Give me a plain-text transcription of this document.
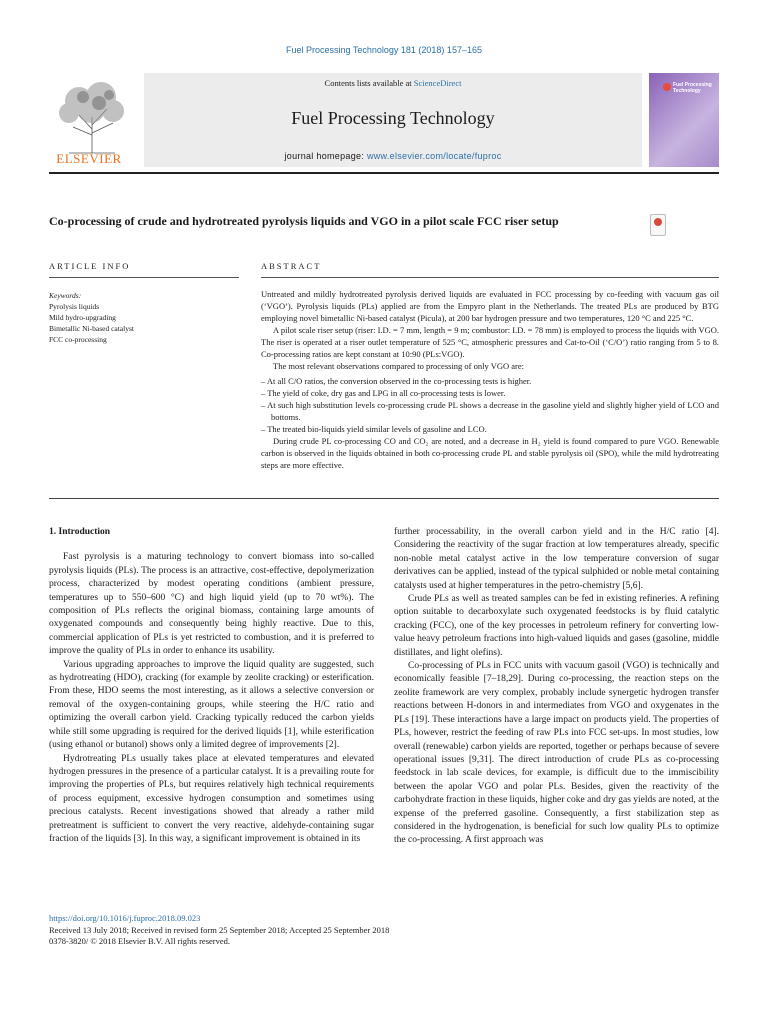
Fuel Processing Technology 181 (2018) 157–165
ELSEVIER
Contents lists available at ScienceDirect
Fuel Processing Technology
journal homepage: www.elsevier.com/locate/fuproc
Fuel Processing Technology
Co-processing of crude and hydrotreated pyrolysis liquids and VGO in a pilot scale FCC riser setup
ARTICLE INFO
Keywords:
Pyrolysis liquids
Mild hydro-upgrading
Bimetallic Ni-based catalyst
FCC co-processing
ABSTRACT

Untreated and mildly hydrotreated pyrolysis derived liquids are evaluated in FCC processing by co-feeding with vacuum gas oil (‘VGO’). Pyrolysis liquids (PLs) applied are from the Empyro plant in the Netherlands. The treated PLs are produced by BTG employing novel bimetallic Ni-based catalyst (Picula), at 200 bar hydrogen pressure and two temperatures, 120 °C and 225 °C.

A pilot scale riser setup (riser: I.D. = 7 mm, length = 9 m; combustor: I.D. = 78 mm) is employed to process the liquids with VGO. The riser is operated at a riser outlet temperature of 525 °C, atmospheric pressures and Cat-to-Oil (‘C/O’) ratio ranging from 5 to 8. Co-processing ratios are kept constant at 10:90 (PLs:VGO).

The most relevant observations compared to processing of only VGO are:

– At all C/O ratios, the conversion observed in the co-processing tests is higher.
– The yield of coke, dry gas and LPG in all co-processing tests is lower.
– At such high substitution levels co-processing crude PL shows a decrease in the gasoline yield and slightly higher yield of LCO and bottoms.
– The treated bio-liquids yield similar levels of gasoline and LCO.

During crude PL co-processing CO and CO₂ are noted, and a decrease in H₂ yield is found compared to pure VGO. Renewable carbon is observed in the liquids obtained in both co-processing crude PL and stable pyrolysis oil (SPO), while the mild hydrotreating steps are more effective.

1. Introduction

Fast pyrolysis is a maturing technology to convert biomass into so-called pyrolysis liquids (PLs). The process is an attractive, cost-effective, depolymerization process, characterized by modest operating conditions (ambient pressure, temperatures up to 550–600 °C) and high liquid yield (up to 70 wt%). The composition of PLs reflects the original biomass, containing large amounts of oxygenated compounds and consequently being highly reactive. Due to this, commercial application of PLs is yet restricted to combustion, and it is preferred to improve the quality of PLs in order to enhance its usability.

Various upgrading approaches to improve the liquid quality are suggested, such as hydrotreating (HDO), cracking (for example by zeolite cracking) or esterification. From these, HDO seems the most interesting, as it allows a selective conversion or removal of the oxygen-containing groups, while steering the H/C ratio and optimizing the overall carbon yield. Cracking typically reduced the carbon yields while still some upgrading is required for the derived liquids [1], while esterification (using ethanol or butanol) shows only a limited degree of improvements [2].

Hydrotreating PLs usually takes place at elevated temperatures and elevated hydrogen pressures in the presence of a particular catalyst. It is a prevailing route for improving the properties of PLs, but requires relatively high technical requirements of process equipment, excessive hydrogen consumption and sometimes using precious catalysts. Recent investigations showed that already a rather mild pretreatment is sufficient to convert the very reactive, aldehyde-containing sugar fraction of the liquids [3]. In this way, a significant improvement is obtained in its

further processability, in the overall carbon yield and in the H/C ratio [4]. Considering the reactivity of the sugar fraction at low temperatures already, specific non-noble metal catalyst active in the low temperature conversion of sugar derivatives can be applied, instead of the typical sulphided or noble metal containing catalysts used at higher temperatures in the petro-chemistry [5,6].

Crude PLs as well as treated samples can be fed in existing refineries. A refining option suitable to decarboxylate such oxygenated feedstocks is by fluid catalytic cracking (FCC), one of the key processes in petroleum refinery for converting low-value heavy petroleum fractions into high-valued liquids and gases (gasoline, middle distillates, and light olefins).

Co-processing of PLs in FCC units with vacuum gasoil (VGO) is technically and economically feasible [7–18,29]. During co-processing, the reaction steps on the zeolite framework are very complex, probably include synergetic hydrogen transfer reactions between H-donors in and intermediates from VGO and oxygenates in the PLs [19]. These interactions have a large impact on products yield. The properties of PLs, however, restrict the feeding of raw PLs into FCC set-ups. In most studies, low overall (renewable) carbon yields are reported, together or perhaps because of severe operational issues [9,31]. The direct introduction of crude PLs as co-processing feedstock in lab scale devices, for example, is difficult due to the immiscibility between the apolar VGO and polar PLs. Besides, given the reactivity of the carbohydrate fraction in these liquids, higher coke and dry gas yields are noted, at the expense of the preferred gasoline. Consequently, a first stabilization step as considered in the hydrogenation, is beneficial for such low quality PLs to optimize the co-processing. A first approach was

https://doi.org/10.1016/j.fuproc.2018.09.023
Received 13 July 2018; Received in revised form 25 September 2018; Accepted 25 September 2018
0378-3820/ © 2018 Elsevier B.V. All rights reserved.
